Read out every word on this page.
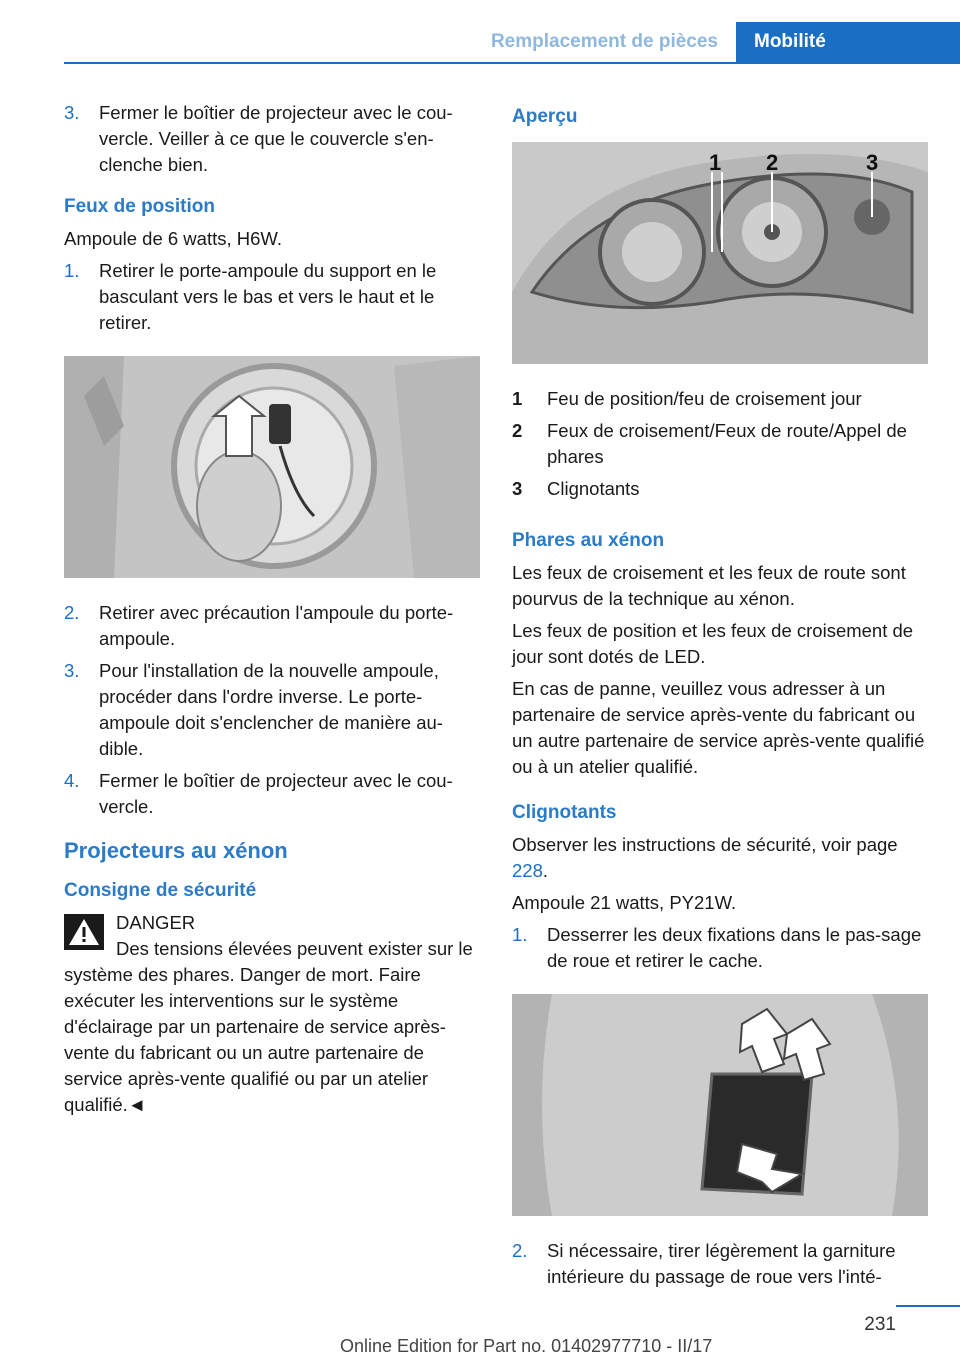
Remplacement de pièces	Mobilité
3.	Fermer le boîtier de projecteur avec le cou‐vercle. Veiller à ce que le couvercle s'en‐clenche bien.
Feux de position

Ampoule de 6 watts, H6W.

1.	Retirer le porte-ampoule du support en le basculant vers le bas et vers le haut et le retirer.
2.	Retirer avec précaution l'ampoule du porte-ampoule.
3.	Pour l'installation de la nouvelle ampoule, procéder dans l'ordre inverse. Le porte-ampoule doit s'enclencher de manière au‐dible.
4.	Fermer le boîtier de projecteur avec le cou‐vercle.
Projecteurs au xénon
Consigne de sécurité
DANGER

Des tensions élevées peuvent exister sur le système des phares. Danger de mort. Faire exécuter les interventions sur le système d'éclairage par un partenaire de service après-vente du fabricant ou un autre partenaire de service après-vente qualifié ou par un atelier qualifié.◄

Aperçu
1 2	3
1	Feu de position/feu de croisement jour
2	Feux de croisement/Feux de route/Appel de phares
3	Clignotants
Phares au xénon

Les feux de croisement et les feux de route sont pourvus de la technique au xénon.

Les feux de position et les feux de croisement de jour sont dotés de LED.

En cas de panne, veuillez vous adresser à un partenaire de service après-vente du fabricant ou un autre partenaire de service après-vente qualifié ou à un atelier qualifié.

Clignotants

Observer les instructions de sécurité, voir page 228.

Ampoule 21 watts, PY21W.

1.	Desserrer les deux fixations dans le pas‐sage de roue et retirer le cache.
2.	Si nécessaire, tirer légèrement la garniture intérieure du passage de roue vers l'inté‐
231
Online Edition for Part no. 01402977710 - II/17
